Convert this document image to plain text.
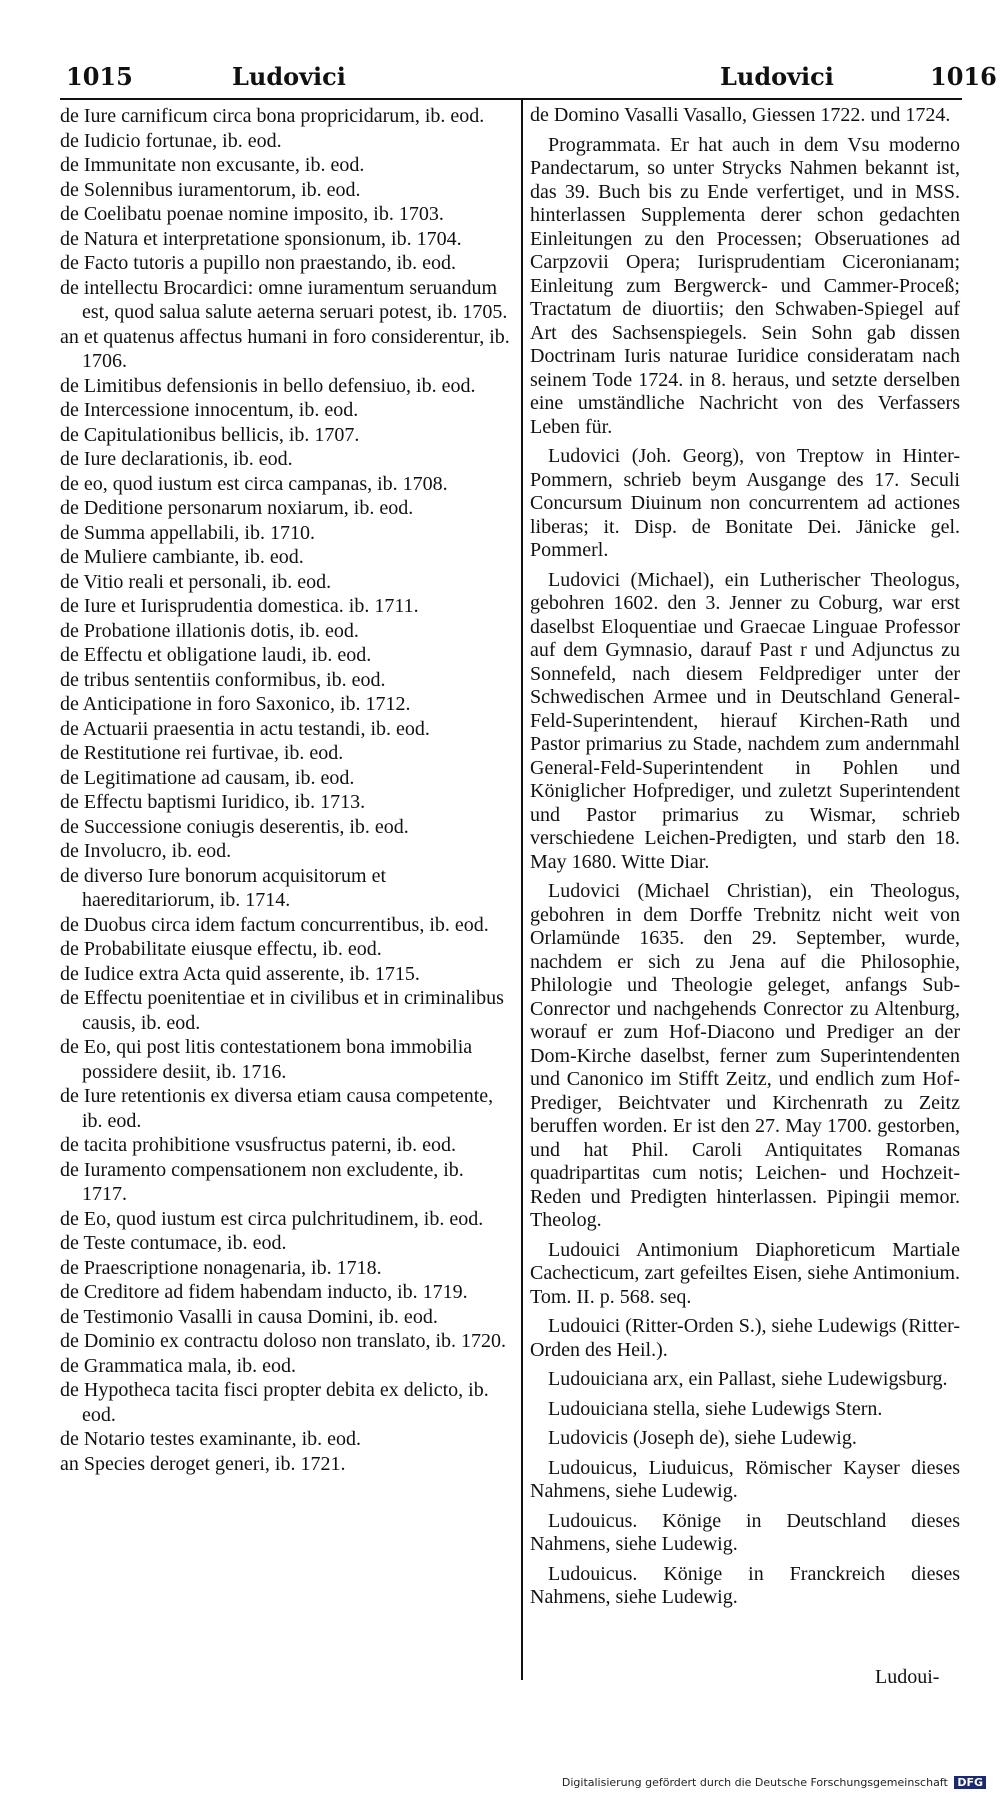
1015	Ludovici	Ludovici	1016
de Iure carnificum circa bona propricidarum, ib. eod.
de Iudicio fortunae, ib. eod.
de Immunitate non excusante, ib. eod.
de Solennibus iuramentorum, ib. eod.
de Coelibatu poenae nomine imposito, ib. 1703.
de Natura et interpretatione sponsionum, ib. 1704.
de Facto tutoris a pupillo non praestando, ib. eod.
de intellectu Brocardici: omne iuramentum seruandum est, quod salua salute aeterna seruari potest, ib. 1705.
an et quatenus affectus humani in foro considerentur, ib. 1706.
de Limitibus defensionis in bello defensiuo, ib. eod.
de Intercessione innocentum, ib. eod.
de Capitulationibus bellicis, ib. 1707.
de Iure declarationis, ib. eod.
de eo, quod iustum est circa campanas, ib. 1708.
de Deditione personarum noxiarum, ib. eod.
de Summa appellabili, ib. 1710.
de Muliere cambiante, ib. eod.
de Vitio reali et personali, ib. eod.
de Iure et Iurisprudentia domestica. ib. 1711.
de Probatione illationis dotis, ib. eod.
de Effectu et obligatione laudi, ib. eod.
de tribus sententiis conformibus, ib. eod.
de Anticipatione in foro Saxonico, ib. 1712.
de Actuarii praesentia in actu testandi, ib. eod.
de Restitutione rei furtivae, ib. eod.
de Legitimatione ad causam, ib. eod.
de Effectu baptismi Iuridico, ib. 1713.
de Successione coniugis deserentis, ib. eod.
de Involucro, ib. eod.
de diverso Iure bonorum acquisitorum et haereditariorum, ib. 1714.
de Duobus circa idem factum concurrentibus, ib. eod.
de Probabilitate eiusque effectu, ib. eod.
de Iudice extra Acta quid asserente, ib. 1715.
de Effectu poenitentiae et in civilibus et in criminalibus causis, ib. eod.
de Eo, qui post litis contestationem bona immobilia possidere desiit, ib. 1716.
de Iure retentionis ex diversa etiam causa competente, ib. eod.
de tacita prohibitione vsusfructus paterni, ib. eod.
de Iuramento compensationem non excludente, ib. 1717.
de Eo, quod iustum est circa pulchritudinem, ib. eod.
de Teste contumace, ib. eod.
de Praescriptione nonagenaria, ib. 1718.
de Creditore ad fidem habendam inducto, ib. 1719.
de Testimonio Vasalli in causa Domini, ib. eod.
de Dominio ex contractu doloso non translato, ib. 1720.
de Grammatica mala, ib. eod.
de Hypotheca tacita fisci propter debita ex delicto, ib. eod.
de Notario testes examinante, ib. eod.
an Species deroget generi, ib. 1721.
de Domino Vasalli Vasallo, Giessen 1722. und 1724.
Programmata. Er hat auch in dem Vsu moderno Pandectarum, so unter Strycks Nahmen bekannt ist, das 39. Buch bis zu Ende verfertiget, und in MSS. hinterlassen Supplementa derer schon gedachten Einleitungen zu den Processen; Obseruationes ad Carpzovii Opera; Iurisprudentiam Ciceronianam; Einleitung zum Bergwerck- und Cammer-Proceß; Tractatum de diuortiis; den Schwaben-Spiegel auf Art des Sachsenspiegels. Sein Sohn gab dissen Doctrinam Iuris naturae Iuridice consideratam nach seinem Tode 1724. in 8. heraus, und setzte derselben eine umständliche Nachricht von des Verfassers Leben für.
Ludovici (Joh. Georg), von Treptow in Hinter-Pommern, schrieb beym Ausgange des 17. Seculi Concursum Diuinum non concurrentem ad actiones liberas; it. Disp. de Bonitate Dei. Jänicke gel. Pommerl.
Ludovici (Michael), ein Lutherischer Theologus, gebohren 1602. den 3. Jenner zu Coburg, war erst daselbst Eloquentiae und Graecae Linguae Professor auf dem Gymnasio, darauf Past r und Adjunctus zu Sonnefeld, nach diesem Feldprediger unter der Schwedischen Armee und in Deutschland General-Feld-Superintendent, hierauf Kirchen-Rath und Pastor primarius zu Stade, nachdem zum andernmahl General-Feld-Superintendent in Pohlen und Königlicher Hofprediger, und zuletzt Superintendent und Pastor primarius zu Wismar, schrieb verschiedene Leichen-Predigten, und starb den 18. May 1680. Witte Diar.
Ludovici (Michael Christian), ein Theologus, gebohren in dem Dorffe Trebnitz nicht weit von Orlamünde 1635. den 29. September, wurde, nachdem er sich zu Jena auf die Philosophie, Philologie und Theologie geleget, anfangs Sub-Conrector und nachgehends Conrector zu Altenburg, worauf er zum Hof-Diacono und Prediger an der Dom-Kirche daselbst, ferner zum Superintendenten und Canonico im Stifft Zeitz, und endlich zum Hof-Prediger, Beichtvater und Kirchenrath zu Zeitz beruffen worden. Er ist den 27. May 1700. gestorben, und hat Phil. Caroli Antiquitates Romanas quadripartitas cum notis; Leichen- und Hochzeit-Reden und Predigten hinterlassen. Pipingii memor. Theolog.
Ludouici Antimonium Diaphoreticum Martiale Cachecticum, zart gefeiltes Eisen, siehe Antimonium. Tom. II. p. 568. seq.
Ludouici (Ritter-Orden S.), siehe Ludewigs (Ritter-Orden des Heil.).
Ludouiciana arx, ein Pallast, siehe Ludewigsburg.
Ludouiciana stella, siehe Ludewigs Stern.
Ludovicis (Joseph de), siehe Ludewig.
Ludouicus, Liuduicus, Römischer Kayser dieses Nahmens, siehe Ludewig.
Ludouicus. Könige in Deutschland dieses Nahmens, siehe Ludewig.
Ludouicus. Könige in Franckreich dieses Nahmens, siehe Ludewig.
Ludoui-
Digitalisierung gefördert durch die Deutsche Forschungsgemeinschaft DFG
